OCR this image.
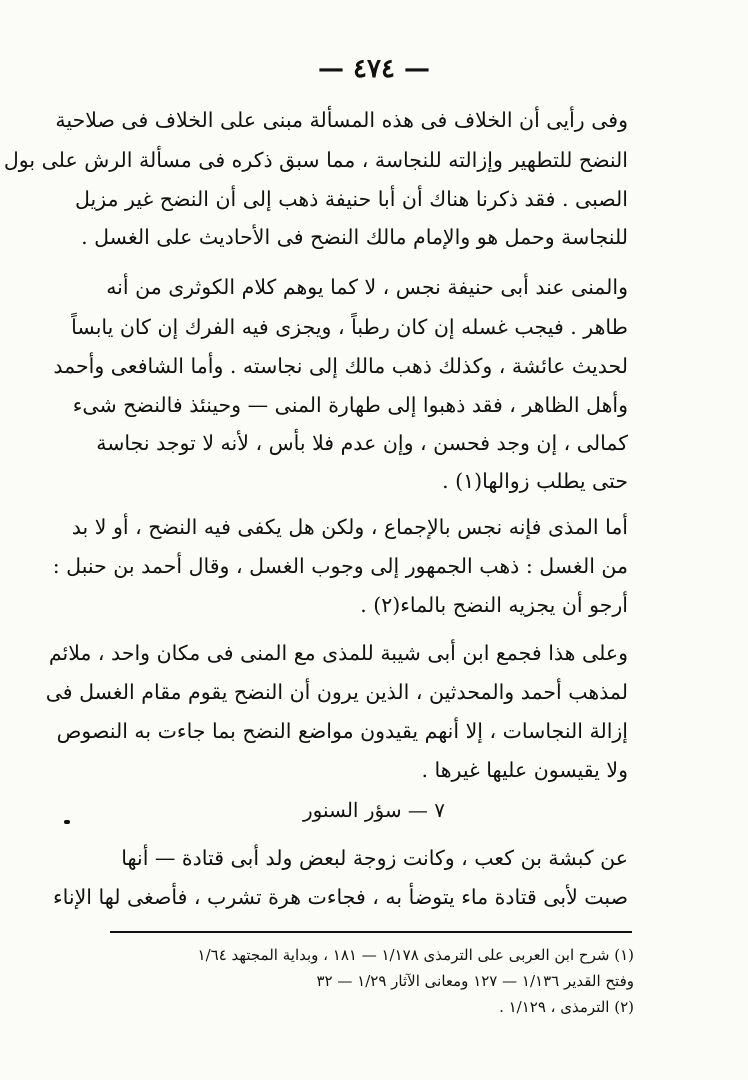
— ٤٧٤ —
وفى رأيى أن الخلاف فى هذه المسألة مبنى على الخلاف فى صلاحية
النضح للتطهير وإزالته للنجاسة ، مما سبق ذكره فى مسألة الرش على بول
الصبى . فقد ذكرنا هناك أن أبا حنيفة ذهب إلى أن النضح غير مزيل
للنجاسة وحمل هو والإمام مالك النضح فى الأحاديث على الغسل .
والمنى عند أبى حنيفة نجس ، لا كما يوهم كلام الكوثرى من أنه
طاهر . فيجب غسله إن كان رطباً ، ويجزى فيه الفرك إن كان يابساً
لحديث عائشة ، وكذلك ذهب مالك إلى نجاسته . وأما الشافعى وأحمد
وأهل الظاهر ، فقد ذهبوا إلى طهارة المنى — وحينئذ فالنضح شىء
كمالى ، إن وجد فحسن ، وإن عدم فلا بأس ، لأنه لا توجد نجاسة
حتى يطلب زوالها(١) .
أما المذى فإنه نجس بالإجماع ، ولكن هل يكفى فيه النضح ، أو لا بد
من الغسل : ذهب الجمهور إلى وجوب الغسل ، وقال أحمد بن حنبل :
أرجو أن يجزيه النضح بالماء(٢) .
وعلى هذا فجمع ابن أبى شيبة للمذى مع المنى فى مكان واحد ، ملائم
لمذهب أحمد والمحدثين ، الذين يرون أن النضح يقوم مقام الغسل فى
إزالة النجاسات ، إلا أنهم يقيدون مواضع النضح بما جاءت به النصوص
ولا يقيسون عليها غيرها .
٧ — سؤر السنور
عن كبشة بن كعب ، وكانت زوجة لبعض ولد أبى قتادة — أنها
صبت لأبى قتادة ماء يتوضأ به ، فجاءت هرة تشرب ، فأصغى لها الإناء
(١) شرح ابن العربى على الترمذى ١/١٧٨ — ١٨١ ، وبداية المجتهد ١/٦٤
وفتح القدير ١/١٣٦ — ١٢٧ ومعانى الآثار ١/٢٩ — ٣٢
(٢) الترمذى ، ١/١٢٩ .
